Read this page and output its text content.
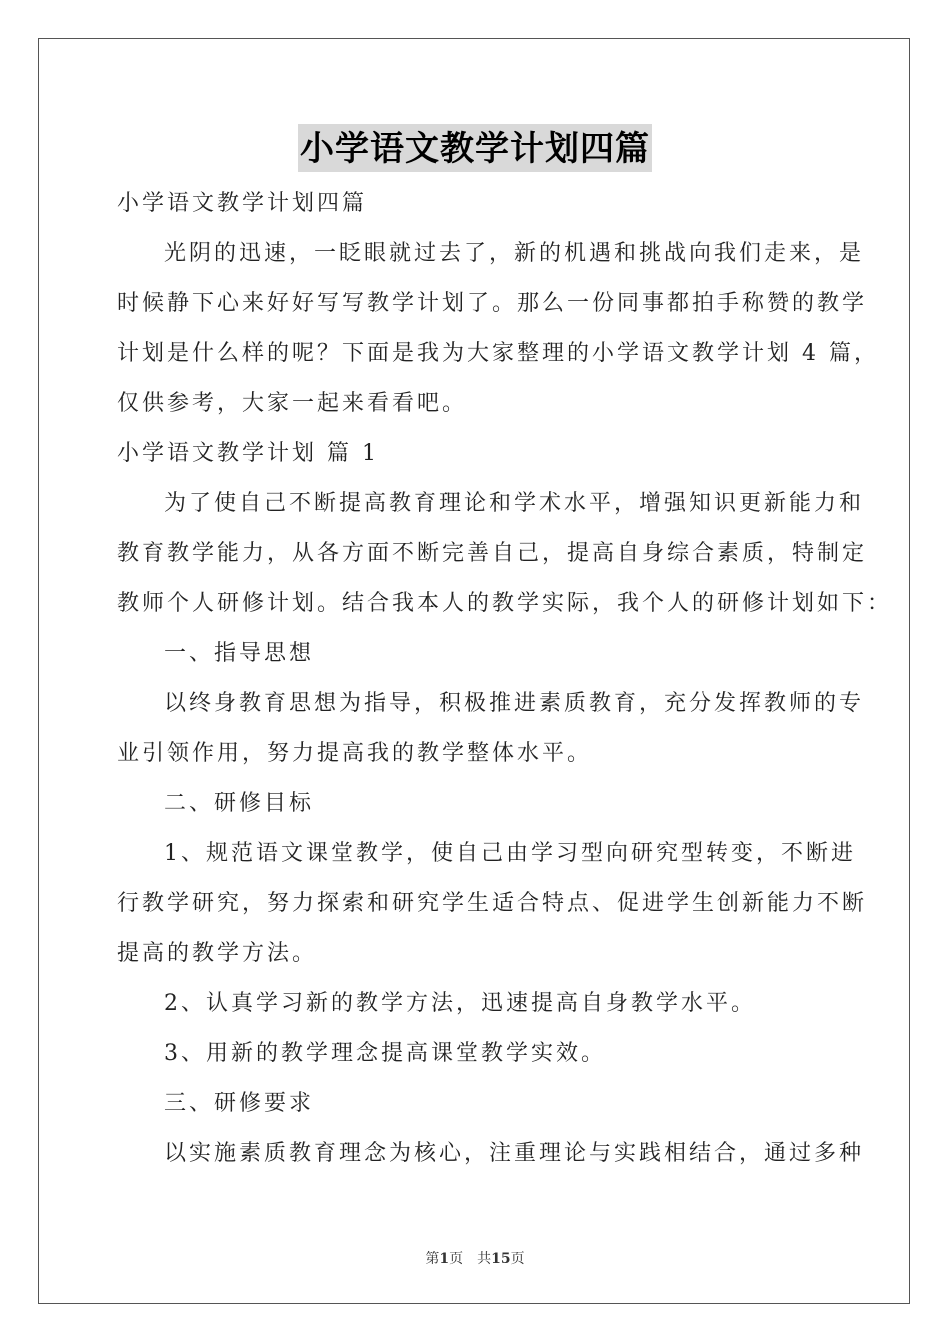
小学语文教学计划四篇
小学语文教学计划四篇
光阴的迅速，一眨眼就过去了，新的机遇和挑战向我们走来，是
时候静下心来好好写写教学计划了。那么一份同事都拍手称赞的教学
计划是什么样的呢？下面是我为大家整理的小学语文教学计划 4 篇，
仅供参考，大家一起来看看吧。
小学语文教学计划 篇 1
为了使自己不断提高教育理论和学术水平，增强知识更新能力和
教育教学能力，从各方面不断完善自己，提高自身综合素质，特制定
教师个人研修计划。结合我本人的教学实际，我个人的研修计划如下：
一、指导思想
以终身教育思想为指导，积极推进素质教育，充分发挥教师的专
业引领作用，努力提高我的教学整体水平。
二、研修目标
1、规范语文课堂教学，使自己由学习型向研究型转变，不断进
行教学研究，努力探索和研究学生适合特点、促进学生创新能力不断
提高的教学方法。
2、认真学习新的教学方法，迅速提高自身教学水平。
3、用新的教学理念提高课堂教学实效。
三、研修要求
以实施素质教育理念为核心，注重理论与实践相结合，通过多种
第1页　共15页
